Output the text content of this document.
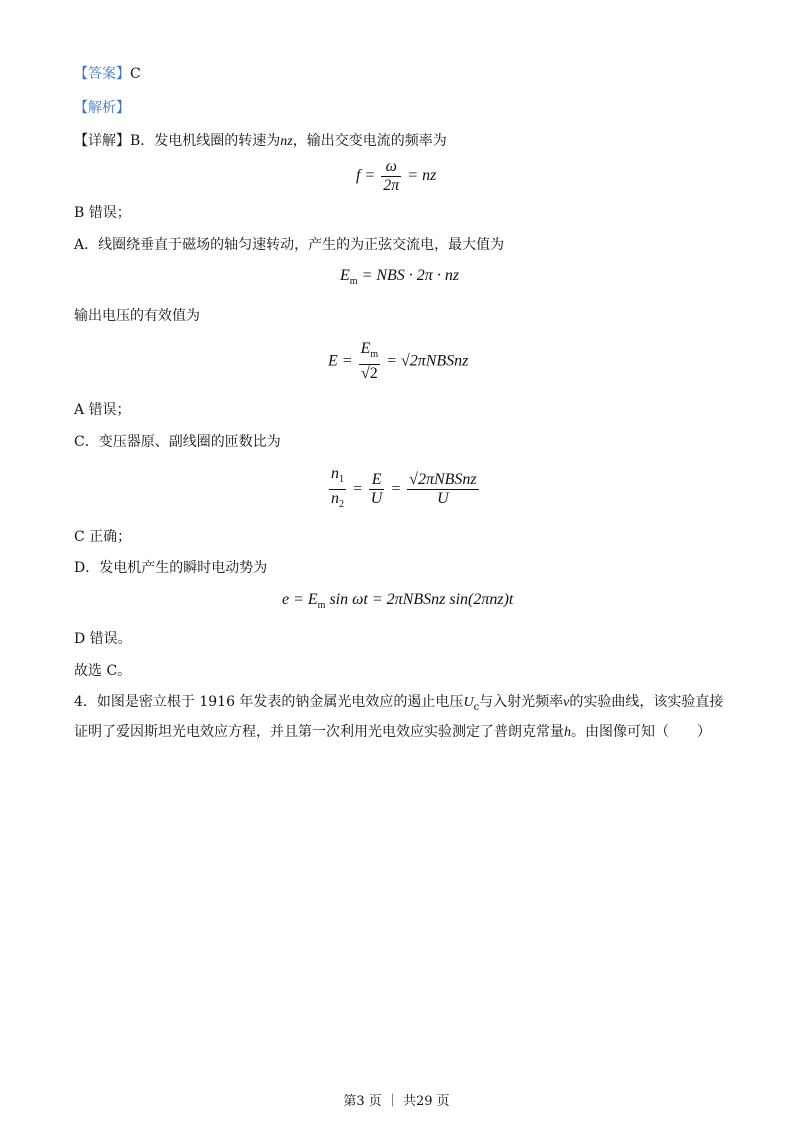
【答案】C
【解析】
【详解】B．发电机线圈的转速为nz，输出交变电流的频率为
$f = \frac{\omega}{2\pi}$ = nz
B 错误；
A．线圈绕垂直于磁场的轴匀速转动，产生的为正弦交流电，最大值为
$E_m$ = NBS · 2π · nz
输出电压的有效值为
$E = \frac{E_m}{√2}$ = √2πNBSnz
A 错误；
C．变压器原、副线圈的匝数比为
$\frac{n_1}{n_2} = \frac{E}{U} = \frac{\text{√2πNBSnz}}{U}$
C 正确；
D．发电机产生的瞬时电动势为
$e = E_m$ sin ωt = 2πNBSnz sin(2πnz)t
D 错误。
故选 C。
4．如图是密立根于 1916 年发表的钠金属光电效应的遏止电压$U_c$与入射光频率ν的实验曲线，该实验直接
证明了爱因斯坦光电效应方程，并且第一次利用光电效应实验测定了普朗克常量h。由图像可知（　　）
第3 页 ｜ 共29 页
